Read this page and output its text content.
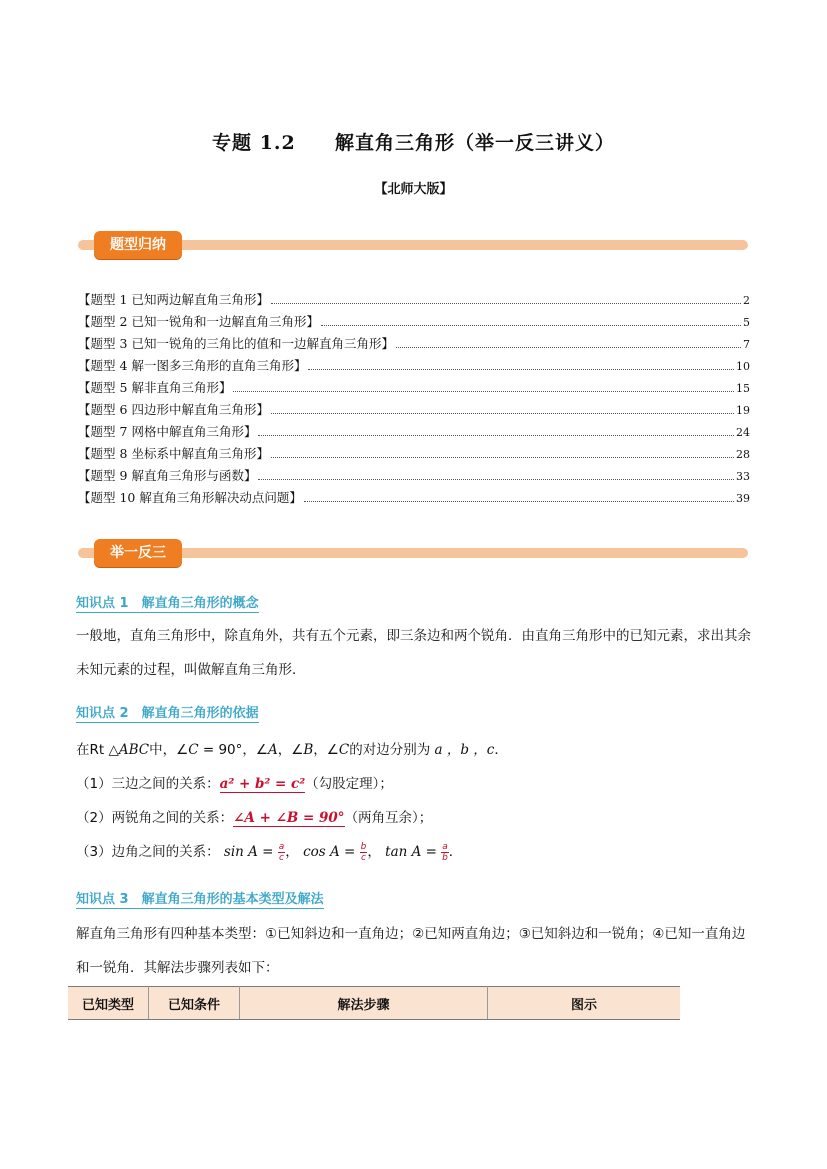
专题 1.2 解直角三角形（举一反三讲义）
【北师大版】
题型归纳
【题型 1 已知两边解直角三角形】	2
【题型 2 已知一锐角和一边解直角三角形】	5
【题型 3 已知一锐角的三角比的值和一边解直角三角形】	7
【题型 4 解一图多三角形的直角三角形】	10
【题型 5 解非直角三角形】	15
【题型 6 四边形中解直角三角形】	19
【题型 7 网格中解直角三角形】	24
【题型 8 坐标系中解直角三角形】	28
【题型 9 解直角三角形与函数】	33
【题型 10 解直角三角形解决动点问题】	39
举一反三
知识点 1　解直角三角形的概念
一般地，直角三角形中，除直角外，共有五个元素，即三条边和两个锐角．由直角三角形中的已知元素，求出其余未知元素的过程，叫做解直角三角形．
知识点 2　解直角三角形的依据
在Rt △ABC中，∠C = 90°，∠A，∠B，∠C的对边分别为 a ，b ，c．
（1）三边之间的关系：a² + b² = c²（勾股定理）；
（2）两锐角之间的关系：∠A + ∠B = 90°（两角互余）；
（3）边角之间的关系： $\sin A = \frac{a}{c}$ ， $\cos A = \frac{b}{c}$ ， $\tan A = \frac{a}{b}$ ．
知识点 3　解直角三角形的基本类型及解法
解直角三角形有四种基本类型：①已知斜边和一直角边；②已知两直角边；③已知斜边和一锐角；④已知一直角边和一锐角．其解法步骤列表如下：
已知类型	已知条件	解法步骤	图示
